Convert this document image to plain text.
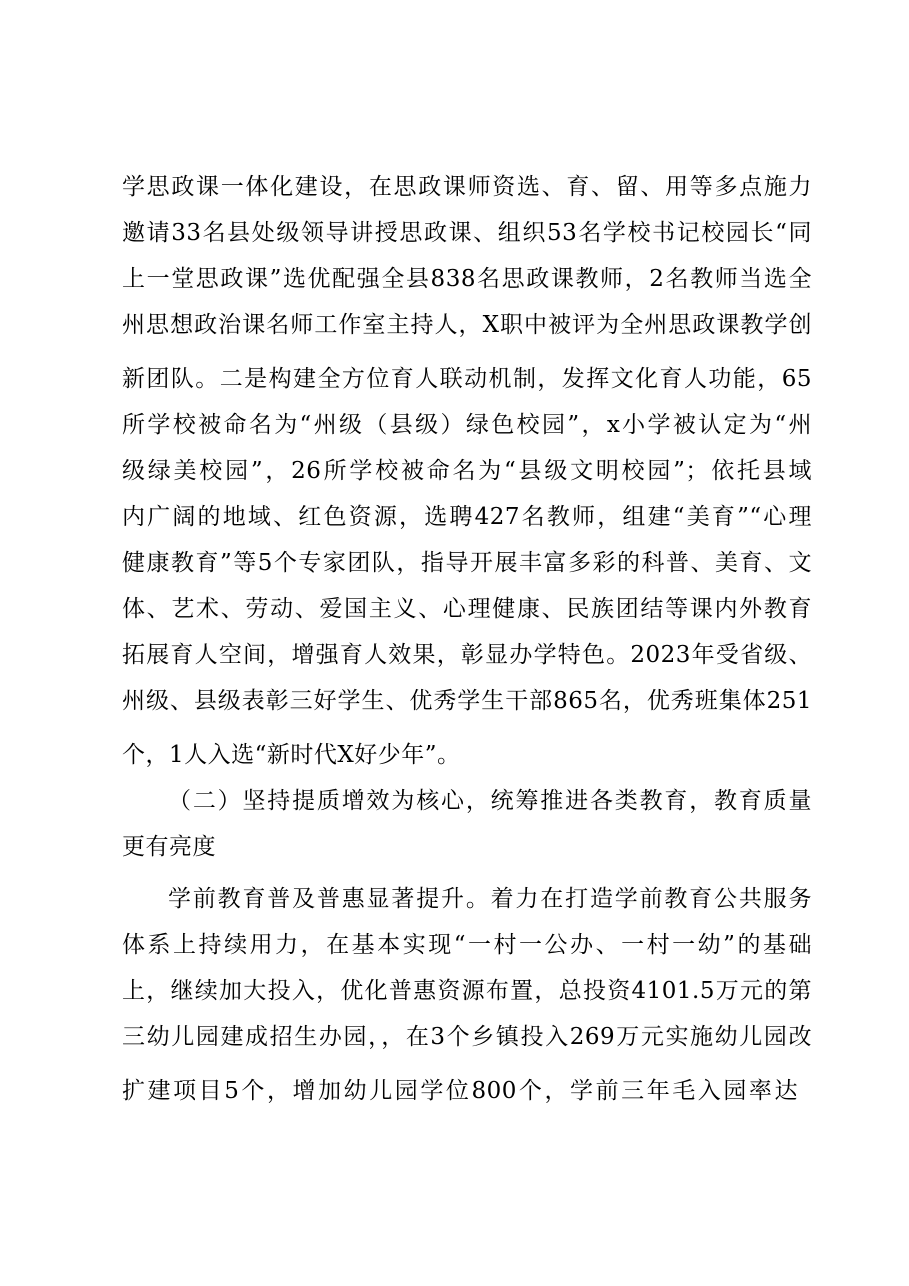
学思政课一体化建设，在思政课师资选、育、留、用等多点施力
邀请33名县处级领导讲授思政课、组织53名学校书记校园长“同
上一堂思政课”选优配强全县838名思政课教师，2名教师当选全
州思想政治课名师工作室主持人，X职中被评为全州思政课教学创
新团队。二是构建全方位育人联动机制，发挥文化育人功能，65
所学校被命名为“州级（县级）绿色校园”，x小学被认定为“州
级绿美校园”，26所学校被命名为“县级文明校园”；依托县域
内广阔的地域、红色资源，选聘427名教师，组建“美育”“心理
健康教育”等5个专家团队，指导开展丰富多彩的科普、美育、文
体、艺术、劳动、爱国主义、心理健康、民族团结等课内外教育
拓展育人空间，增强育人效果，彰显办学特色。2023年受省级、
州级、县级表彰三好学生、优秀学生干部865名，优秀班集体251
个，1人入选“新时代X好少年”。
（二）坚持提质增效为核心，统筹推进各类教育，教育质量
更有亮度
学前教育普及普惠显著提升。着力在打造学前教育公共服务
体系上持续用力，在基本实现“一村一公办、一村一幼”的基础
上，继续加大投入，优化普惠资源布置，总投资4101.5万元的第
三幼儿园建成招生办园，，在3个乡镇投入269万元实施幼儿园改
扩建项目5个，增加幼儿园学位800个，学前三年毛入园率达
